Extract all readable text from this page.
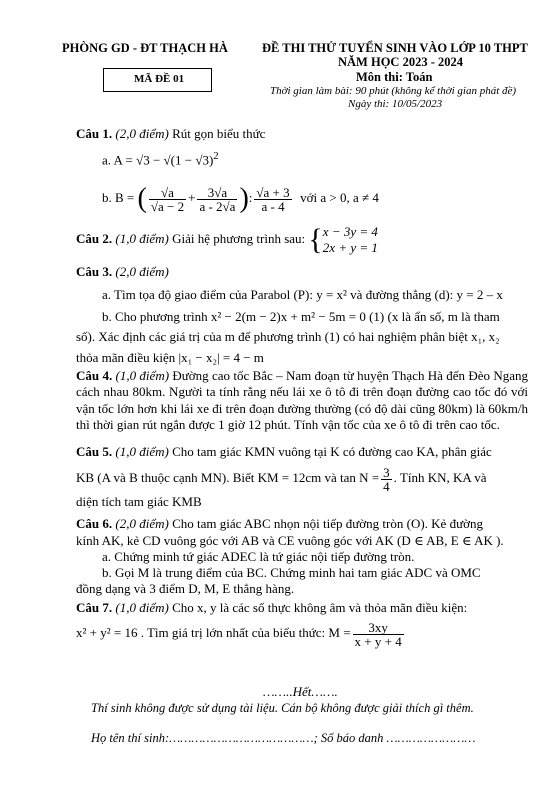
PHÒNG GD - ĐT THẠCH HÀ
MÃ ĐỀ 01
ĐỀ THI THỬ TUYỂN SINH VÀO LỚP 10 THPT
NĂM HỌC 2023 - 2024
Môn thi: Toán
Thời gian làm bài: 90 phút (không kể thời gian phát đề)
Ngày thi: 10/05/2023
Câu 1. (2,0 điểm) Rút gọn biểu thức
a. $A = √3 - √(1 - √3)^2$
b. B = ( $\frac{√a}{√a - 2} + \frac{3√a}{a - 2√a}$ ): $\frac{√a + 3}{a - 4}$ với a > 0, a ≠ 4
Câu 2. (1,0 điểm) Giải hệ phương trình sau: { x − 3y = 4
2x + y = 1
Câu 3. (2,0 điểm)
a. Tìm tọa độ giao điểm của Parabol (P): y = x² và đường thẳng (d): y = 2 – x
b. Cho phương trình x² − 2(m − 2)x + m² − 5m = 0 (1) (x là ẩn số, m là tham
số). Xác định các giá trị của m để phương trình (1) có hai nghiệm phân biệt x₁, x₂
thỏa mãn điều kiện |x₁ − x₂| = 4 − m
Câu 4. (1,0 điểm) Đường cao tốc Bắc – Nam đoạn từ huyện Thạch Hà đến Đèo Ngang cách nhau 80km. Người ta tính rằng nếu lái xe ô tô đi trên đoạn đường cao tốc đó với vận tốc lớn hơn khi lái xe đi trên đoạn đường thường (có độ dài cũng 80km) là 60km/h thì thời gian rút ngắn được 1 giờ 12 phút. Tính vận tốc của xe ô tô đi trên cao tốc.
Câu 5. (1,0 điểm) Cho tam giác KMN vuông tại K có đường cao KA, phân giác
KB (A và B thuộc cạnh MN). Biết KM = 12cm và $\tan N = \frac{3}{4}$ . Tính KN, KA và
diện tích tam giác KMB
Câu 6. (2,0 điểm) Cho tam giác ABC nhọn nội tiếp đường tròn (O). Kẻ đường
kính AK, kẻ CD vuông góc với AB và CE vuông góc với AK (D ∈ AB, E ∈ AK ).
a. Chứng minh tứ giác ADEC là tứ giác nội tiếp đường tròn.
b. Gọi M là trung điểm của BC. Chứng minh hai tam giác ADC và OMC
đồng dạng và 3 điểm D, M, E thẳng hàng.
Câu 7. (1,0 điểm) Cho x, y là các số thực không âm và thỏa mãn điều kiện:
x² + y² = 16 . Tìm giá trị lớn nhất của biểu thức: $M = \frac{3xy}{x + y + 4}$
……..Hết…….
Thí sinh không được sử dụng tài liệu. Cán bộ không được giải thích gì thêm.
Họ tên thí sinh:…………………………………; Số báo danh ……………………
